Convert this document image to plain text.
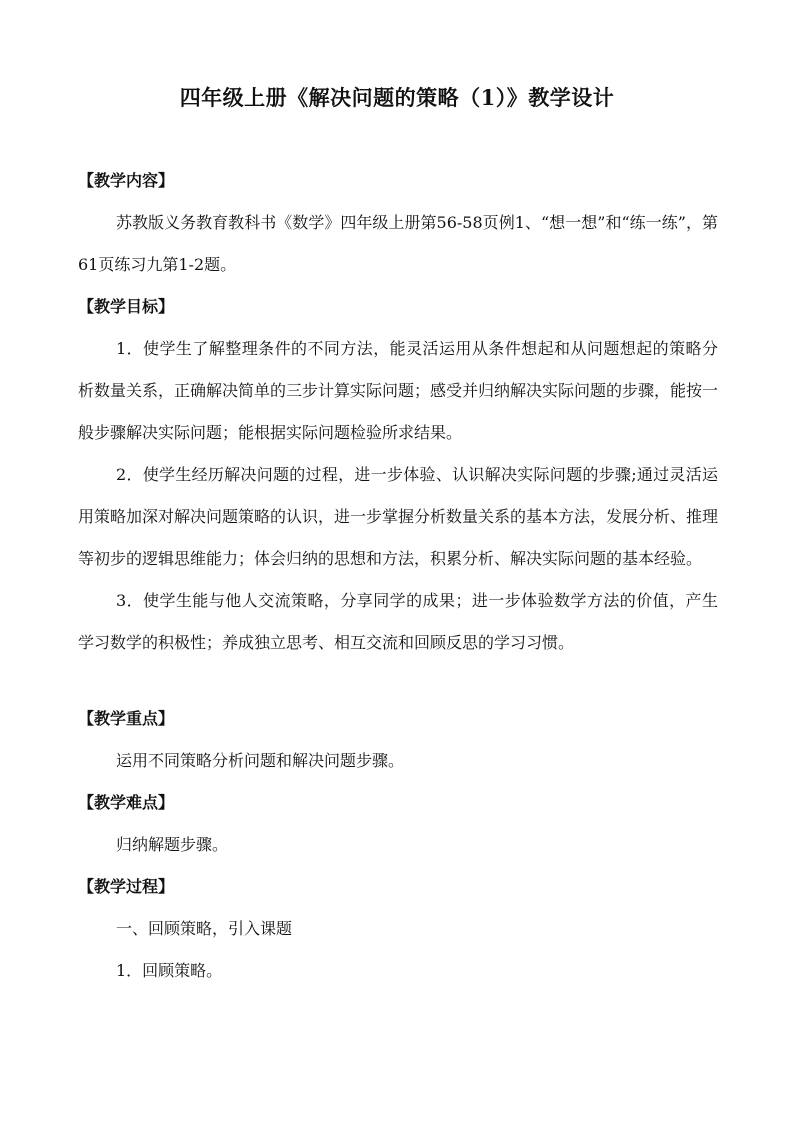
四年级上册《解决问题的策略（1）》教学设计
【教学内容】
苏教版义务教育教科书《数学》四年级上册第56-58页例1、“想一想”和“练一练”，第61页练习九第1-2题。
【教学目标】
1．使学生了解整理条件的不同方法，能灵活运用从条件想起和从问题想起的策略分析数量关系，正确解决简单的三步计算实际问题；感受并归纳解决实际问题的步骤，能按一般步骤解决实际问题；能根据实际问题检验所求结果。
2．使学生经历解决问题的过程，进一步体验、认识解决实际问题的步骤;通过灵活运用策略加深对解决问题策略的认识，进一步掌握分析数量关系的基本方法，发展分析、推理等初步的逻辑思维能力；体会归纳的思想和方法，积累分析、解决实际问题的基本经验。
3．使学生能与他人交流策略，分享同学的成果；进一步体验数学方法的价值，产生学习数学的积极性；养成独立思考、相互交流和回顾反思的学习习惯。
【教学重点】
运用不同策略分析问题和解决问题步骤。
【教学难点】
归纳解题步骤。
【教学过程】
一、回顾策略，引入课题
1．回顾策略。
